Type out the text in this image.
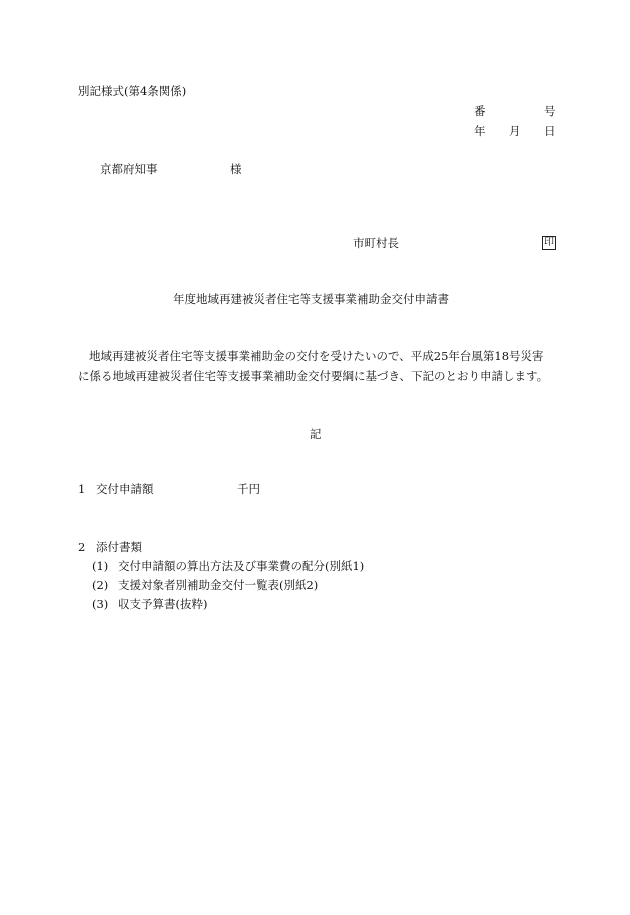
別記様式(第4条関係)
番	号
年 月 日
京都府知事	様
市町村長	印
年度地域再建被災者住宅等支援事業補助金交付申請書
地域再建被災者住宅等支援事業補助金の交付を受けたいので、平成25年台風第18号災害
に係る地域再建被災者住宅等支援事業補助金交付要綱に基づき、下記のとおり申請します。
記
1 交付申請額	千円
2 添付書類
(1) 交付申請額の算出方法及び事業費の配分(別紙1)
(2) 支援対象者別補助金交付一覧表(別紙2)
(3) 収支予算書(抜粋)
